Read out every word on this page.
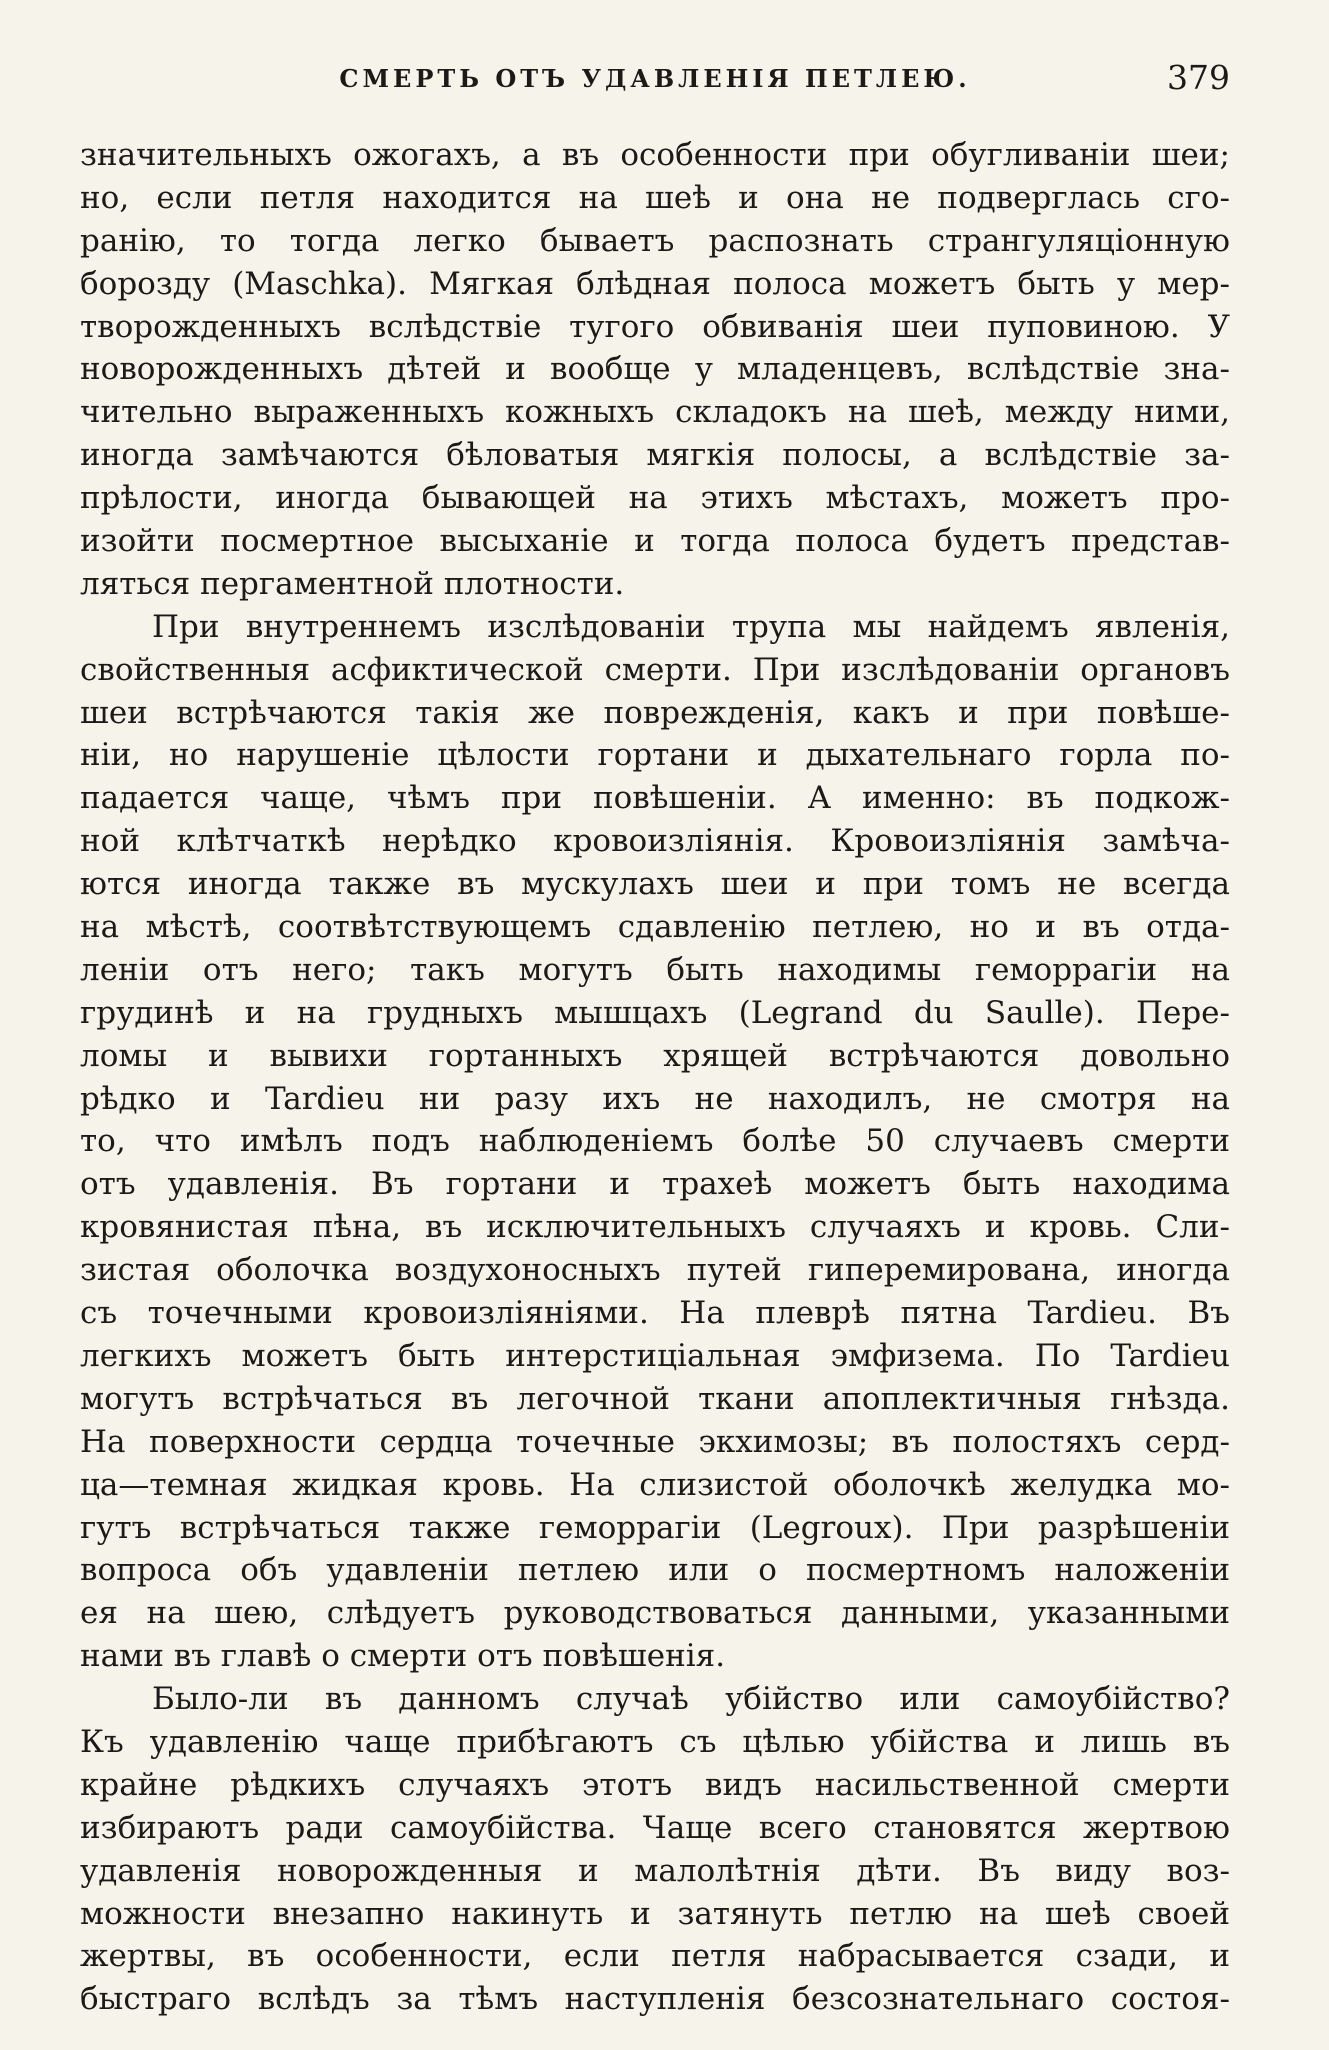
СМЕРТЬ ОТЪ УДАВЛЕНІЯ ПЕТЛЕЮ.	379
значительныхъ ожогахъ, а въ особенности при обугливаніи шеи;
но, если петля находится на шеѣ и она не подверглась сго-
ранію, то тогда легко бываетъ распознать странгуляціонную
борозду (Maschka). Мягкая блѣдная полоса можетъ быть у мер-
творожденныхъ вслѣдствіе тугого обвиванія шеи пуповиною. У
новорожденныхъ дѣтей и вообще у младенцевъ, вслѣдствіе зна-
чительно выраженныхъ кожныхъ складокъ на шеѣ, между ними,
иногда замѣчаются бѣловатыя мягкія полосы, а вслѣдствіе за-
прѣлости, иногда бывающей на этихъ мѣстахъ, можетъ про-
изойти посмертное высыханіе и тогда полоса будетъ представ-
ляться пергаментной плотности.
При внутреннемъ изслѣдованіи трупа мы найдемъ явленія,
свойственныя асфиктической смерти. При изслѣдованіи органовъ
шеи встрѣчаются такія же поврежденія, какъ и при повѣше-
ніи, но нарушеніе цѣлости гортани и дыхательнаго горла по-
падается чаще, чѣмъ при повѣшеніи. А именно: въ подкож-
ной клѣтчаткѣ нерѣдко кровоизліянія. Кровоизліянія замѣча-
ются иногда также въ мускулахъ шеи и при томъ не всегда
на мѣстѣ, соотвѣтствующемъ сдавленію петлею, но и въ отда-
леніи отъ него; такъ могутъ быть находимы геморрагіи на
грудинѣ и на грудныхъ мышцахъ (Legrand du Saulle). Пере-
ломы и вывихи гортанныхъ хрящей встрѣчаются довольно
рѣдко и Tardieu ни разу ихъ не находилъ, не смотря на
то, что имѣлъ подъ наблюденіемъ болѣе 50 случаевъ смерти
отъ удавленія. Въ гортани и трахеѣ можетъ быть находима
кровянистая пѣна, въ исключительныхъ случаяхъ и кровь. Сли-
зистая оболочка воздухоносныхъ путей гиперемирована, иногда
съ точечными кровоизліяніями. На плеврѣ пятна Tardieu. Въ
легкихъ можетъ быть интерстиціальная эмфизема. По Tardieu
могутъ встрѣчаться въ легочной ткани апоплектичныя гнѣзда.
На поверхности сердца точечные экхимозы; въ полостяхъ серд-
ца—темная жидкая кровь. На слизистой оболочкѣ желудка мо-
гутъ встрѣчаться также геморрагіи (Legroux). При разрѣшеніи
вопроса объ удавленіи петлею или о посмертномъ наложеніи
ея на шею, слѣдуетъ руководствоваться данными, указанными
нами въ главѣ о смерти отъ повѣшенія.
Было-ли въ данномъ случаѣ убійство или самоубійство?
Къ удавленію чаще прибѣгаютъ съ цѣлью убійства и лишь въ
крайне рѣдкихъ случаяхъ этотъ видъ насильственной смерти
избираютъ ради самоубійства. Чаще всего становятся жертвою
удавленія новорожденныя и малолѣтнія дѣти. Въ виду воз-
можности внезапно накинуть и затянуть петлю на шеѣ своей
жертвы, въ особенности, если петля набрасывается сзади, и
быстраго вслѣдъ за тѣмъ наступленія безсознательнаго состоя-
